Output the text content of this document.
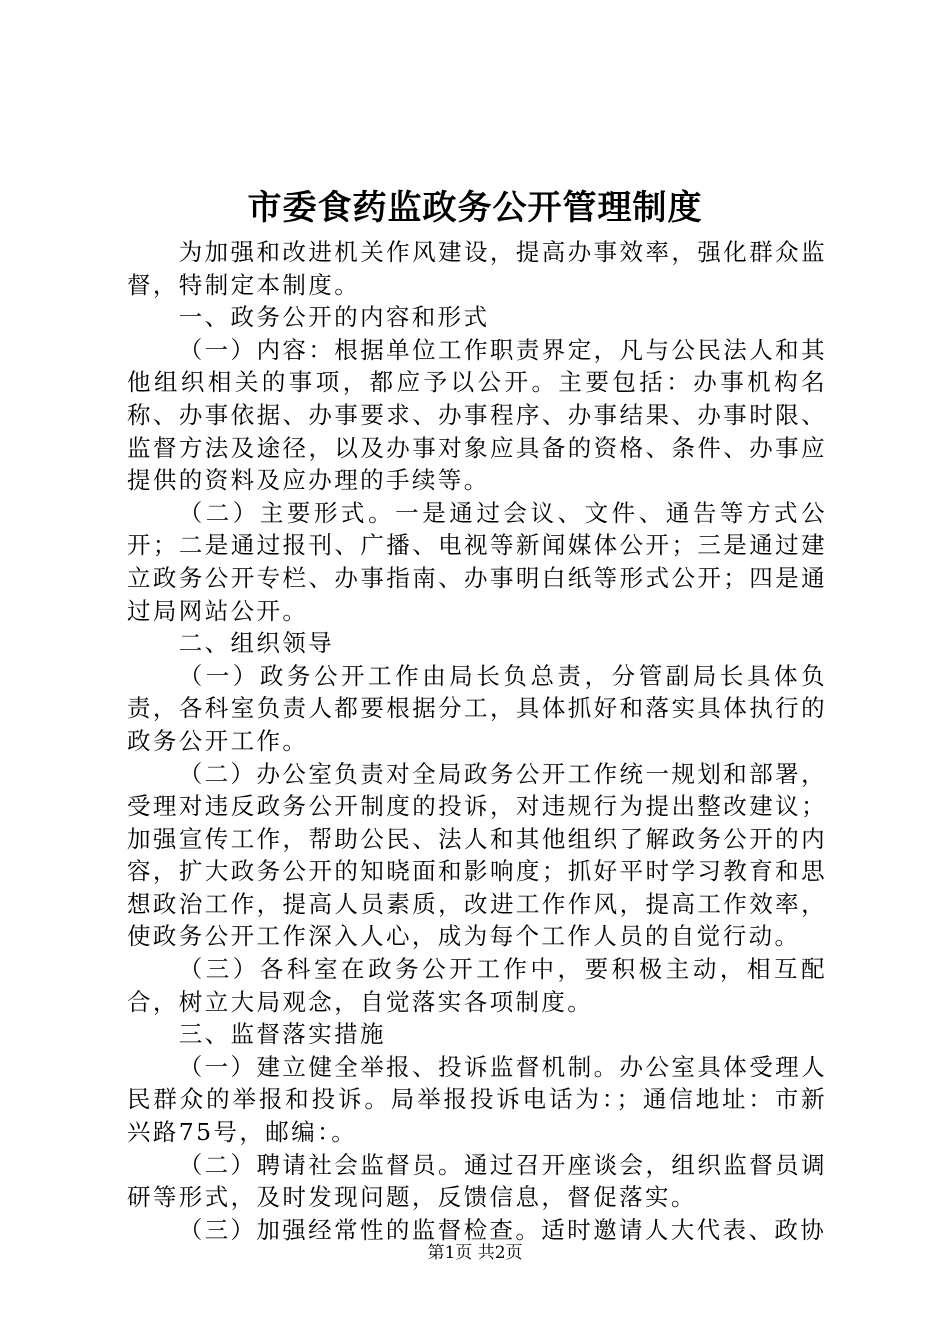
市委食药监政务公开管理制度

为加强和改进机关作风建设，提高办事效率，强化群众监督，特制定本制度。

一、政务公开的内容和形式

（一）内容：根据单位工作职责界定，凡与公民法人和其他组织相关的事项，都应予以公开。主要包括：办事机构名称、办事依据、办事要求、办事程序、办事结果、办事时限、监督方法及途径，以及办事对象应具备的资格、条件、办事应提供的资料及应办理的手续等。

（二）主要形式。一是通过会议、文件、通告等方式公开；二是通过报刊、广播、电视等新闻媒体公开；三是通过建立政务公开专栏、办事指南、办事明白纸等形式公开；四是通过局网站公开。

二、组织领导

（一）政务公开工作由局长负总责，分管副局长具体负责，各科室负责人都要根据分工，具体抓好和落实具体执行的政务公开工作。

（二）办公室负责对全局政务公开工作统一规划和部署，受理对违反政务公开制度的投诉，对违规行为提出整改建议；加强宣传工作，帮助公民、法人和其他组织了解政务公开的内容，扩大政务公开的知晓面和影响度；抓好平时学习教育和思想政治工作，提高人员素质，改进工作作风，提高工作效率，使政务公开工作深入人心，成为每个工作人员的自觉行动。

（三）各科室在政务公开工作中，要积极主动，相互配合，树立大局观念，自觉落实各项制度。

三、监督落实措施

（一）建立健全举报、投诉监督机制。办公室具体受理人民群众的举报和投诉。局举报投诉电话为：；通信地址：市新兴路75号，邮编：。

（二）聘请社会监督员。通过召开座谈会，组织监督员调研等形式，及时发现问题，反馈信息，督促落实。

（三）加强经常性的监督检查。适时邀请人大代表、政协

第1页 共2页
